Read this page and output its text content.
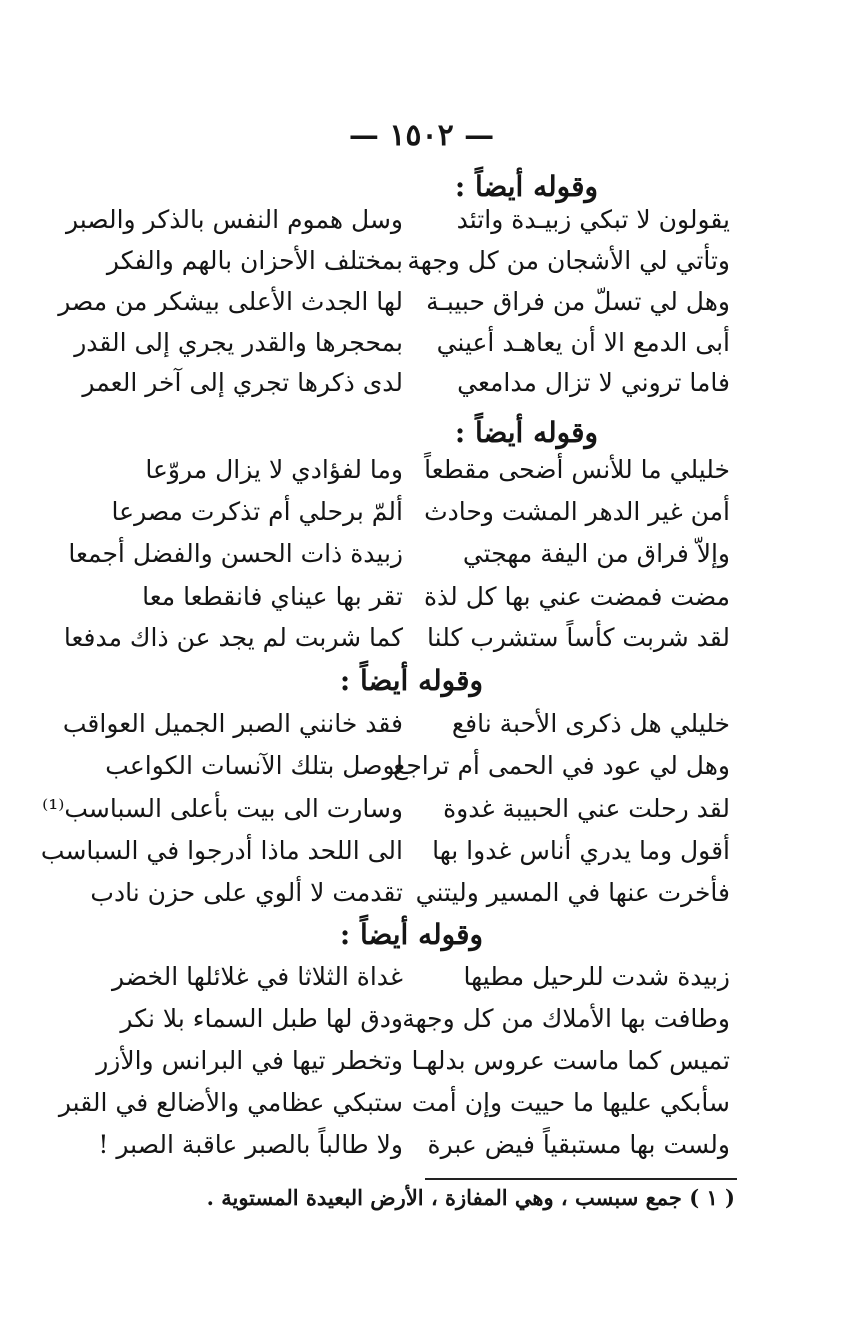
— ١٥٠٢ —
وقوله أيضاً :
يقولون لا تبكي زبيـدة واتئد
وسل هموم النفس بالذكر والصبر
وتأتي لي الأشجان من كل وجهة
بمختلف الأحزان بالهم والفكر
وهل لي تسلّ من فراق حبيبـة
لها الجدث الأعلى بيشكر من مصر
أبى الدمع الا أن يعاهـد أعيني
بمحجرها والقدر يجري إلى القدر
فاما تروني لا تزال مدامعي
لدى ذكرها تجري إلى آخر العمر
وقوله أيضاً :
خليلي ما للأنس أضحى مقطعاً
وما لفؤادي لا يزال مروّعا
أمن غير الدهر المشت وحادث
ألمّ برحلي أم تذكرت مصرعا
وإلاّ فراق من اليفة مهجتي
زبيدة ذات الحسن والفضل أجمعا
مضت فمضت عني بها كل لذة
تقر بها عيناي فانقطعا معا
لقد شربت كأساً ستشرب كلنا
كما شربت لم يجد عن ذاك مدفعا
وقوله أيضاً :
خليلي هل ذكرى الأحبة نافع
فقد خانني الصبر الجميل العواقب
وهل لي عود في الحمى أم تراجع
لوصل بتلك الآنسات الكواعب
لقد رحلت عني الحبيبة غدوة
وسارت الى بيت بأعلى السباسب⁽¹⁾
أقول وما يدري أناس غدوا بها
الى اللحد ماذا أدرجوا في السباسب
فأخرت عنها في المسير وليتني
تقدمت لا ألوي على حزن نادب
وقوله أيضاً :
زبيدة شدت للرحيل مطيها
غداة الثلاثا في غلائلها الخضر
وطافت بها الأملاك من كل وجهة
ودق لها طبل السماء بلا نكر
تميس كما ماست عروس بدلهـا
وتخطر تيها في البرانس والأزر
سأبكي عليها ما حييت وإن أمت
ستبكي عظامي والأضالع في القبر
ولست بها مستبقياً فيض عبرة
ولا طالباً بالصبر عاقبة الصبر !
( ١ ) جمع سبسب ، وهي المفازة ، الأرض البعيدة المستوية .
